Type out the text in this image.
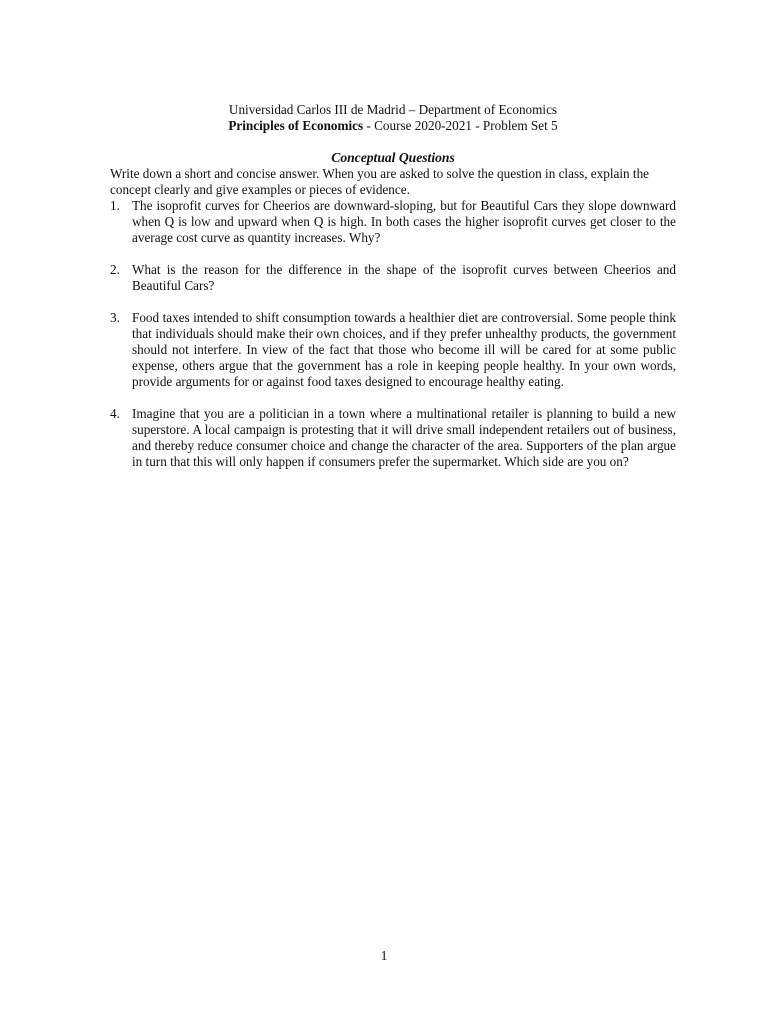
Universidad Carlos III de Madrid – Department of Economics

Principles of Economics - Course 2020-2021 - Problem Set 5

Conceptual Questions

Write down a short and concise answer. When you are asked to solve the question in class, explain the concept clearly and give examples or pieces of evidence.

1. The isoprofit curves for Cheerios are downward-sloping, but for Beautiful Cars they slope downward when Q is low and upward when Q is high. In both cases the higher isoprofit curves get closer to the average cost curve as quantity increases. Why?
2. What is the reason for the difference in the shape of the isoprofit curves between Cheerios and Beautiful Cars?
3. Food taxes intended to shift consumption towards a healthier diet are controversial. Some people think that individuals should make their own choices, and if they prefer unhealthy products, the government should not interfere. In view of the fact that those who become ill will be cared for at some public expense, others argue that the government has a role in keeping people healthy. In your own words, provide arguments for or against food taxes designed to encourage healthy eating.
4. Imagine that you are a politician in a town where a multinational retailer is planning to build a new superstore. A local campaign is protesting that it will drive small independent retailers out of business, and thereby reduce consumer choice and change the character of the area. Supporters of the plan argue in turn that this will only happen if consumers prefer the supermarket. Which side are you on?
1
